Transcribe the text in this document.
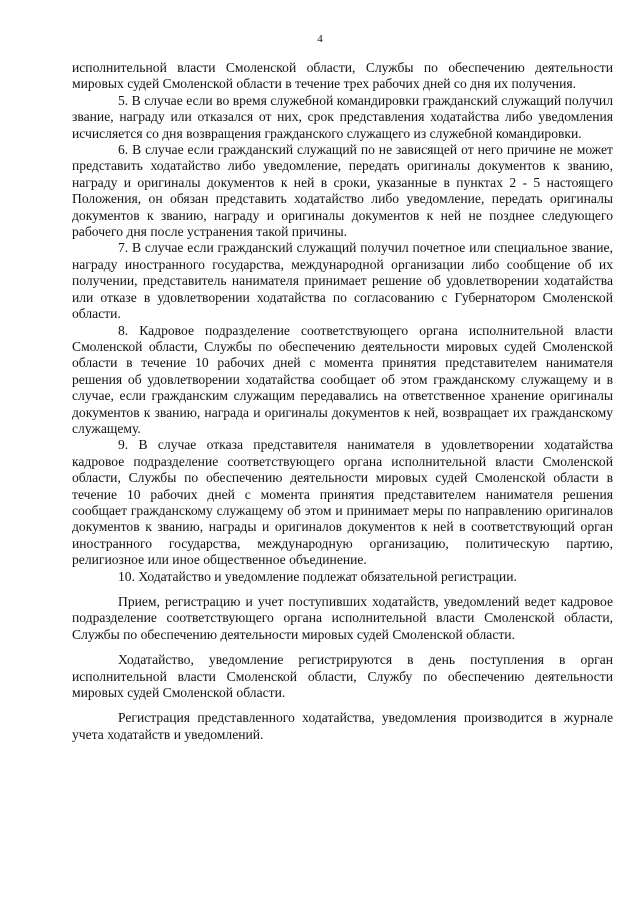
4

исполнительной власти Смоленской области, Службы по обеспечению деятельности мировых судей Смоленской области в течение трех рабочих дней со дня их получения.

5. В случае если во время служебной командировки гражданский служащий получил звание, награду или отказался от них, срок представления ходатайства либо уведомления исчисляется со дня возвращения гражданского служащего из служебной командировки.

6. В случае если гражданский служащий по не зависящей от него причине не может представить ходатайство либо уведомление, передать оригиналы документов к званию, награду и оригиналы документов к ней в сроки, указанные в пунктах 2 - 5 настоящего Положения, он обязан представить ходатайство либо уведомление, передать оригиналы документов к званию, награду и оригиналы документов к ней не позднее следующего рабочего дня после устранения такой причины.

7. В случае если гражданский служащий получил почетное или специальное звание, награду иностранного государства, международной организации либо сообщение об их получении, представитель нанимателя принимает решение об удовлетворении ходатайства или отказе в удовлетворении ходатайства по согласованию с Губернатором Смоленской области.

8. Кадровое подразделение соответствующего органа исполнительной власти Смоленской области, Службы по обеспечению деятельности мировых судей Смоленской области в течение 10 рабочих дней с момента принятия представителем нанимателя решения об удовлетворении ходатайства сообщает об этом гражданскому служащему и в случае, если гражданским служащим передавались на ответственное хранение оригиналы документов к званию, награда и оригиналы документов к ней, возвращает их гражданскому служащему.

9. В случае отказа представителя нанимателя в удовлетворении ходатайства кадровое подразделение соответствующего органа исполнительной власти Смоленской области, Службы по обеспечению деятельности мировых судей Смоленской области в течение 10 рабочих дней с момента принятия представителем нанимателя решения сообщает гражданскому служащему об этом и принимает меры по направлению оригиналов документов к званию, награды и оригиналов документов к ней в соответствующий орган иностранного государства, международную организацию, политическую партию, религиозное или иное общественное объединение.

10. Ходатайство и уведомление подлежат обязательной регистрации.

Прием, регистрацию и учет поступивших ходатайств, уведомлений ведет кадровое подразделение соответствующего органа исполнительной власти Смоленской области, Службы по обеспечению деятельности мировых судей Смоленской области.

Ходатайство, уведомление регистрируются в день поступления в орган исполнительной власти Смоленской области, Службу по обеспечению деятельности мировых судей Смоленской области.

Регистрация представленного ходатайства, уведомления производится в журнале учета ходатайств и уведомлений.
